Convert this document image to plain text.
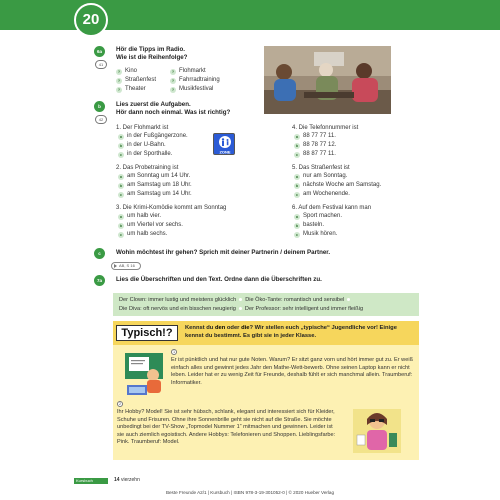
20
6a
41
Hör die Tipps im Radio.
Wie ist die Reihenfolge?
? Kino
? Straßenfest
? Theater
? Flohmarkt
? Fahrradtraining
? Musikfestival
b
42
Lies zuerst die Aufgaben.
Hör dann noch einmal. Was ist richtig?
1. Der Flohmarkt ist
a in der Fußgängerzone.
b in der U-Bahn.
c in der Sporthalle.	ZONE
2. Das Probetraining ist
a am Sonntag um 14 Uhr.
b am Samstag um 18 Uhr.
c am Samstag um 14 Uhr.
3. Die Krimi-Komödie kommt am Sonntag
a um halb vier.
b um Viertel vor sechs.
c um halb sechs.
4. Die Telefonnummer ist
a 88 77 77 11.
b 88 78 77 12.
c 88 87 77 11.
5. Das Straßenfest ist
a nur am Sonntag.
b nächste Woche am Samstag.
c am Wochenende.
6. Auf dem Festival kann man
a Sport machen.
b basteln.
c Musik hören.
c	Wohin möchtest ihr gehen? Sprich mit deiner Partnerin / deinem Partner.
AB, S 16
7a	Lies die Überschriften und den Text. Ordne dann die Überschriften zu.
Der Clown: immer lustig und meistens glücklich Die Öko-Tante: romantisch und sensibel
Die Diva: oft nervös und ein bisschen neugierig Der Professor: sehr intelligent und immer fleißig
Typisch!?	Kennst du den oder die? Wir stellen euch „typische“ Jugendliche vor! Einige kennst du bestimmt. Es gibt sie in jeder Klasse.
1
Er ist pünktlich und hat nur gute Noten. Warum? Er sitzt ganz vorn und hört immer gut zu. Er weiß einfach alles und gewinnt jedes Jahr den Mathe-Wett-bewerb. Ohne seinen Laptop kann er nicht leben. Leider hat er zu wenig Zeit für Freunde, deshalb fühlt er sich manchmal allein. Traumberuf: Informatiker.
2
Ihr Hobby? Model! Sie ist sehr hübsch, schlank, elegant und interessiert sich für Kleider, Schuhe und Frisuren. Ohne ihre Sonnenbrille geht sie nicht auf die Straße. Sie möchte unbedingt bei der TV-Show „Topmodel Nummer 1“ mitmachen und gewinnen. Leider ist sie auch ziemlich egoistisch. Andere Hobbys: Telefonieren und Shoppen. Lieblingsfarbe: Pink. Traumberuf: Model.
Kursbuch	14 vierzehn
Beste Freunde A2/1 | Kursbuch | ISBN 978-3-19-301052-0 | © 2020 Hueber Verlag
